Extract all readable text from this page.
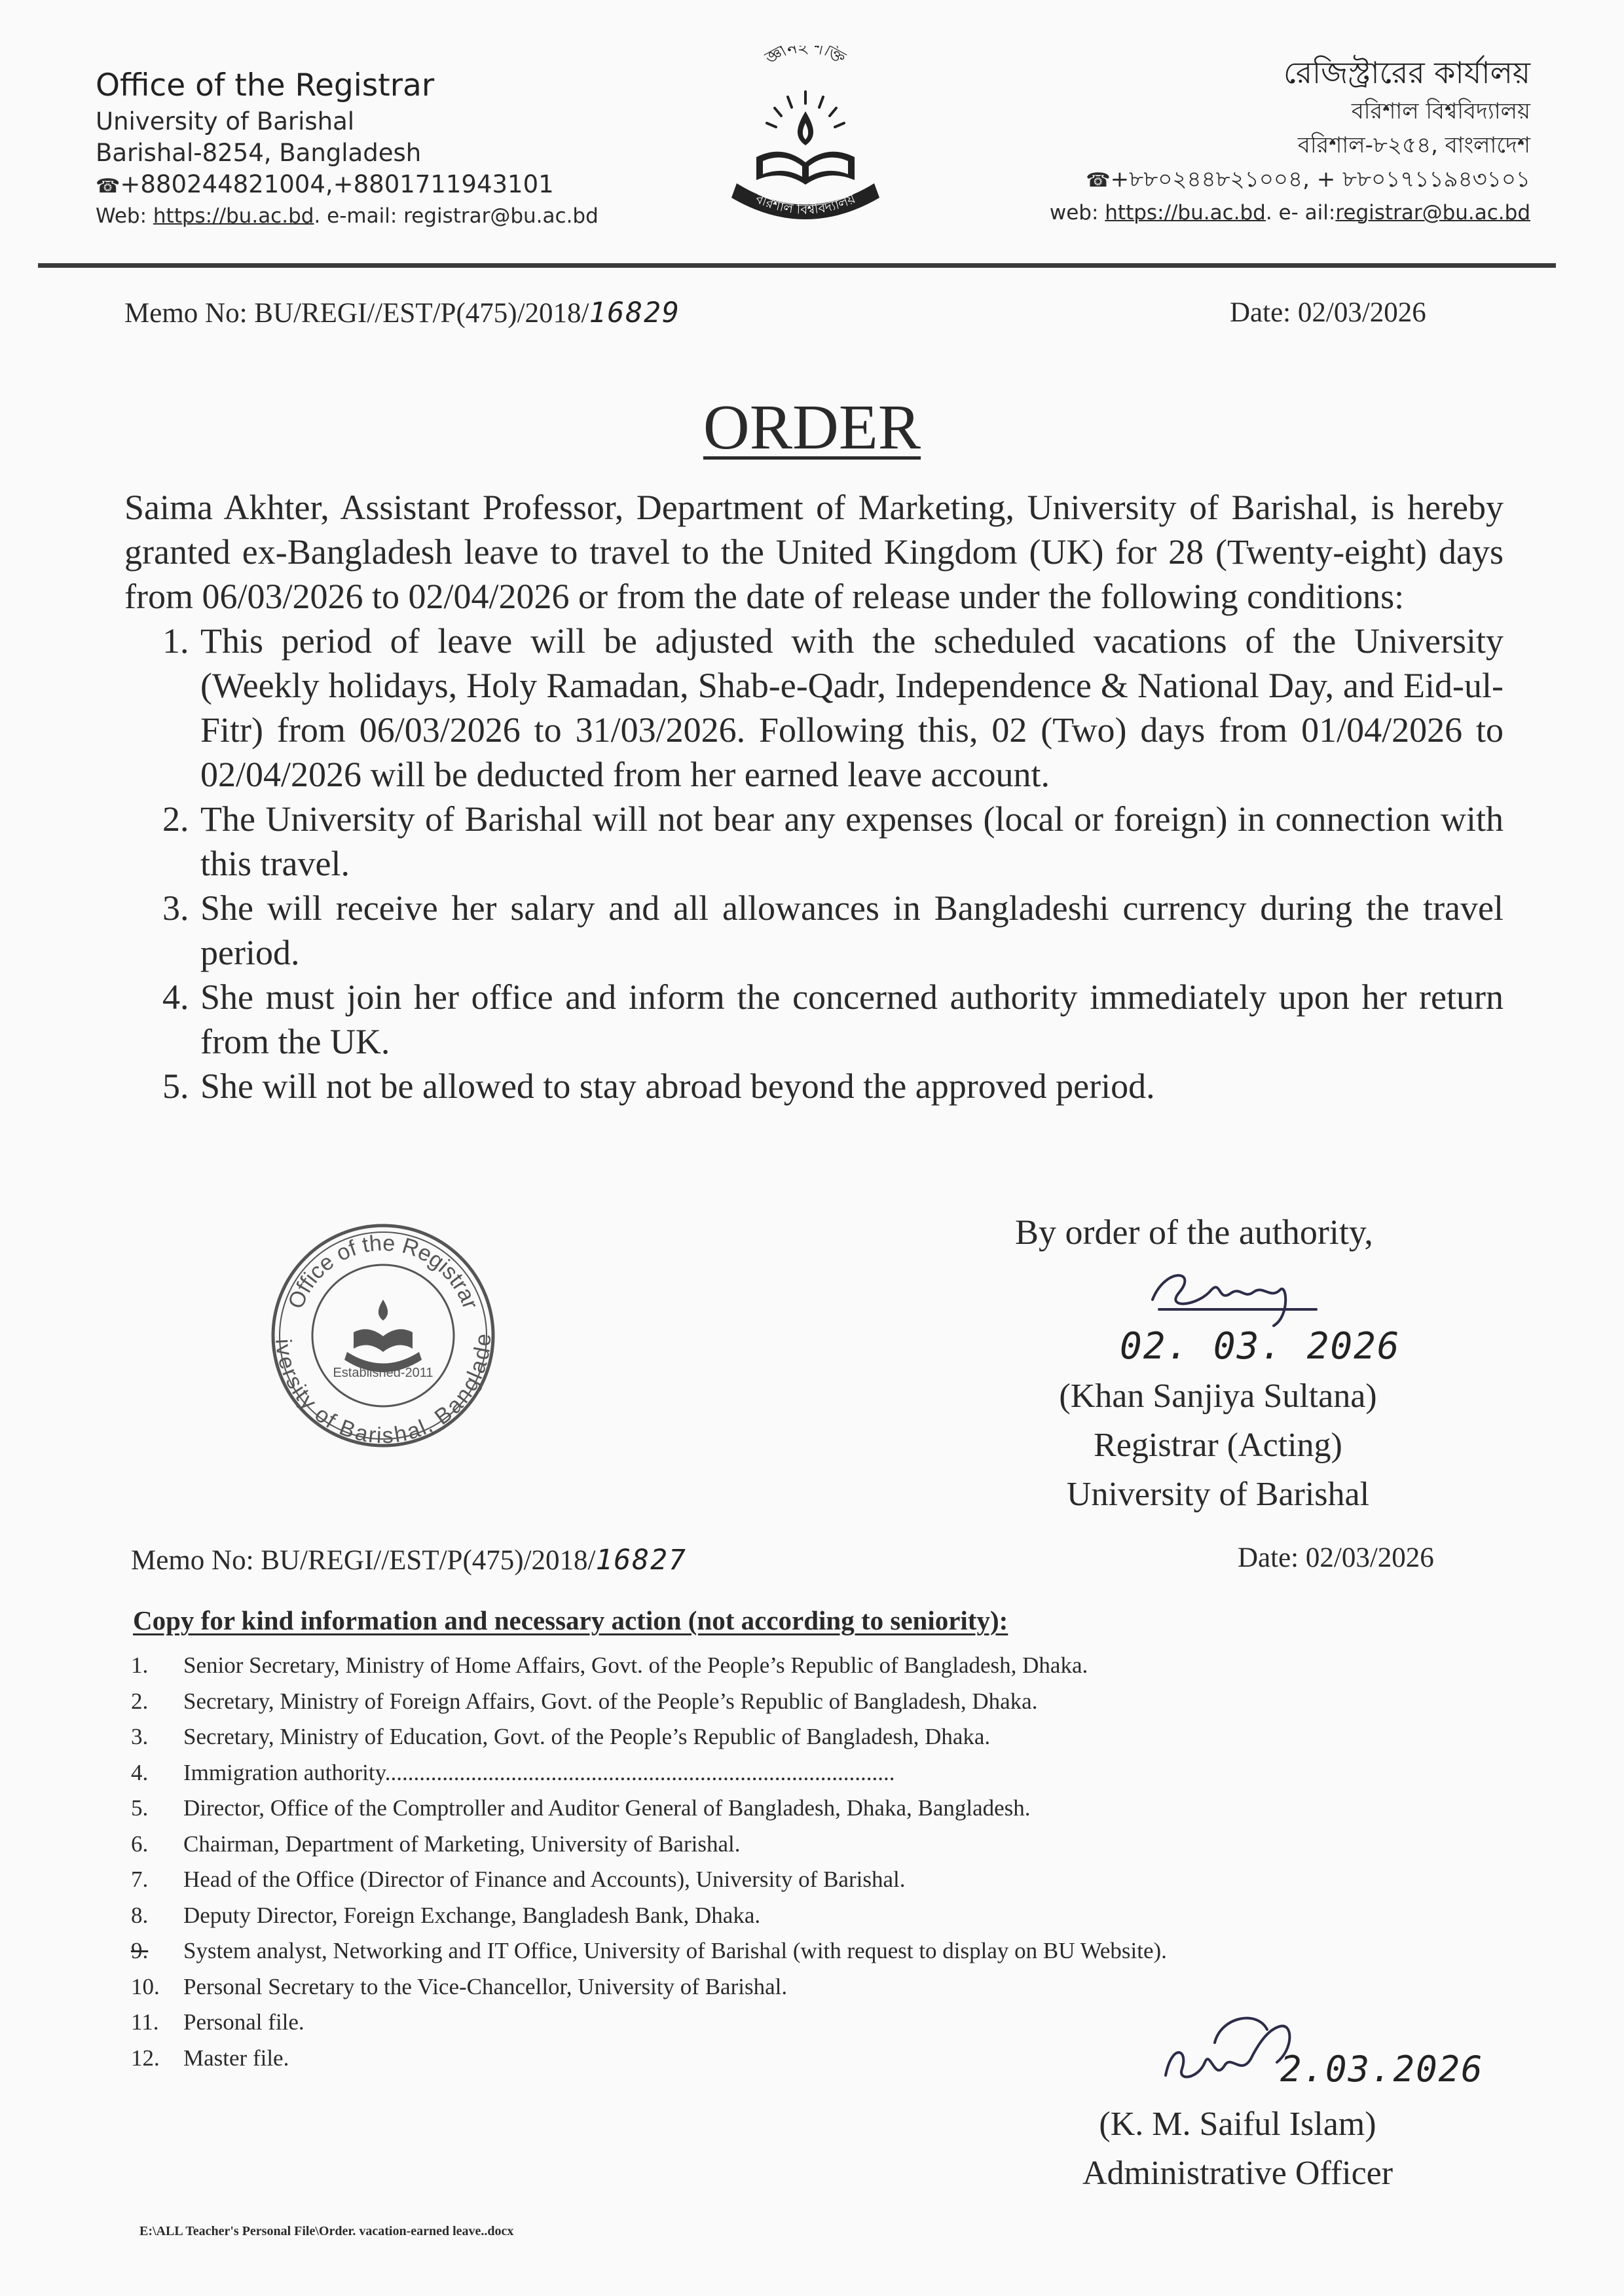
Office of the Registrar
University of Barishal
Barishal-8254, Bangladesh
☎+880244821004,+8801711943101
Web: https://bu.ac.bd. e-mail: registrar@bu.ac.bd
জ্ঞানই শক্তি
বরিশাল বিশ্ববিদ্যালয়
রেজিস্ট্রারের কার্যালয়
বরিশাল বিশ্ববিদ্যালয়
বরিশাল-৮২৫৪, বাংলাদেশ
☎+৮৮০২৪৪৮২১০০৪, + ৮৮০১৭১১৯৪৩১০১
web: https://bu.ac.bd. e- ail:registrar@bu.ac.bd
Memo No: BU/REGI//EST/P(475)/2018/16829	Date: 02/03/2026
ORDER
Saima Akhter, Assistant Professor, Department of Marketing, University of Barishal, is hereby granted ex-Bangladesh leave to travel to the United Kingdom (UK) for 28 (Twenty-eight) days from 06/03/2026 to 02/04/2026 or from the date of release under the following conditions:
1. This period of leave will be adjusted with the scheduled vacations of the University (Weekly holidays, Holy Ramadan, Shab-e-Qadr, Independence & National Day, and Eid-ul-Fitr) from 06/03/2026 to 31/03/2026. Following this, 02 (Two) days from 01/04/2026 to 02/04/2026 will be deducted from her earned leave account.
2. The University of Barishal will not bear any expenses (local or foreign) in connection with this travel.
3. She will receive her salary and all allowances in Bangladeshi currency during the travel period.
4. She must join her office and inform the concerned authority immediately upon her return from the UK.
5. She will not be allowed to stay abroad beyond the approved period.
By order of the authority,
02. 03. 2026
(Khan Sanjiya Sultana)
Registrar (Acting)
University of Barishal
Office of the Registrar
iversity of Barishal, Banglade
Established-2011
Memo No: BU/REGI//EST/P(475)/2018/16827	Date: 02/03/2026
Copy for kind information and necessary action (not according to seniority):
1.	Senior Secretary, Ministry of Home Affairs, Govt. of the People’s Republic of Bangladesh, Dhaka.
2.	Secretary, Ministry of Foreign Affairs, Govt. of the People’s Republic of Bangladesh, Dhaka.
3.	Secretary, Ministry of Education, Govt. of the People’s Republic of Bangladesh, Dhaka.
4.	Immigration authority.........................................................................................
5.	Director, Office of the Comptroller and Auditor General of Bangladesh, Dhaka, Bangladesh.
6.	Chairman, Department of Marketing, University of Barishal.
7.	Head of the Office (Director of Finance and Accounts), University of Barishal.
8.	Deputy Director, Foreign Exchange, Bangladesh Bank, Dhaka.
9.	System analyst, Networking and IT Office, University of Barishal (with request to display on BU Website).
10.	Personal Secretary to the Vice-Chancellor, University of Barishal.
11.	Personal file.
12.	Master file.	2.03.2026
(K. M. Saiful Islam)
Administrative Officer
E:\ALL Teacher's Personal File\Order. vacation-earned leave..docx
